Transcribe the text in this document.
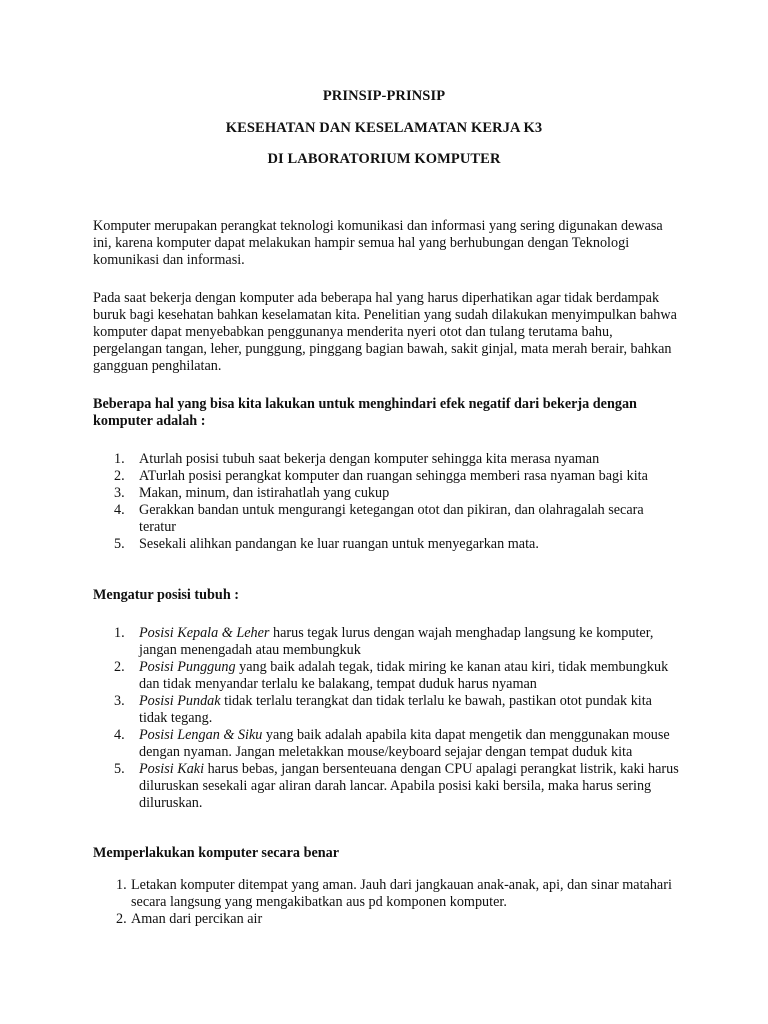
PRINSIP-PRINSIP
KESEHATAN DAN KESELAMATAN KERJA K3
DI LABORATORIUM KOMPUTER

Komputer merupakan perangkat teknologi komunikasi dan informasi yang sering digunakan dewasa ini, karena komputer dapat melakukan hampir semua hal yang berhubungan dengan Teknologi komunikasi dan informasi.

Pada saat bekerja dengan komputer ada beberapa hal yang harus diperhatikan agar tidak berdampak buruk bagi kesehatan bahkan keselamatan kita. Penelitian yang sudah dilakukan menyimpulkan bahwa komputer dapat menyebabkan penggunanya menderita nyeri otot dan tulang terutama bahu, pergelangan tangan, leher, punggung, pinggang bagian bawah, sakit ginjal, mata merah berair, bahkan gangguan penghilatan.

Beberapa hal yang bisa kita lakukan untuk menghindari efek negatif dari bekerja dengan komputer adalah :

1. Aturlah posisi tubuh saat bekerja dengan komputer sehingga kita merasa nyaman
2. ATurlah posisi perangkat komputer dan ruangan sehingga memberi rasa nyaman bagi kita
3. Makan, minum, dan istirahatlah yang cukup
4. Gerakkan bandan untuk mengurangi ketegangan otot dan pikiran, dan olahragalah secara teratur
5. Sesekali alihkan pandangan ke luar ruangan untuk menyegarkan mata.

Mengatur posisi tubuh :

1. Posisi Kepala & Leher harus tegak lurus dengan wajah menghadap langsung ke komputer, jangan menengadah atau membungkuk
2. Posisi Punggung yang baik adalah tegak, tidak miring ke kanan atau kiri, tidak membungkuk dan tidak menyandar terlalu ke balakang, tempat duduk harus nyaman
3. Posisi Pundak tidak terlalu terangkat dan tidak terlalu ke bawah, pastikan otot pundak kita tidak tegang.
4. Posisi Lengan & Siku yang baik adalah apabila kita dapat mengetik dan menggunakan mouse dengan nyaman. Jangan meletakkan mouse/keyboard sejajar dengan tempat duduk kita
5. Posisi Kaki harus bebas, jangan bersenteuana dengan CPU apalagi perangkat listrik, kaki harus diluruskan sesekali agar aliran darah lancar. Apabila posisi kaki bersila, maka harus sering diluruskan.

Memperlakukan komputer secara benar

1. Letakan komputer ditempat yang aman. Jauh dari jangkauan anak-anak, api, dan sinar matahari secara langsung yang mengakibatkan aus pd komponen komputer.
2. Aman dari percikan air
